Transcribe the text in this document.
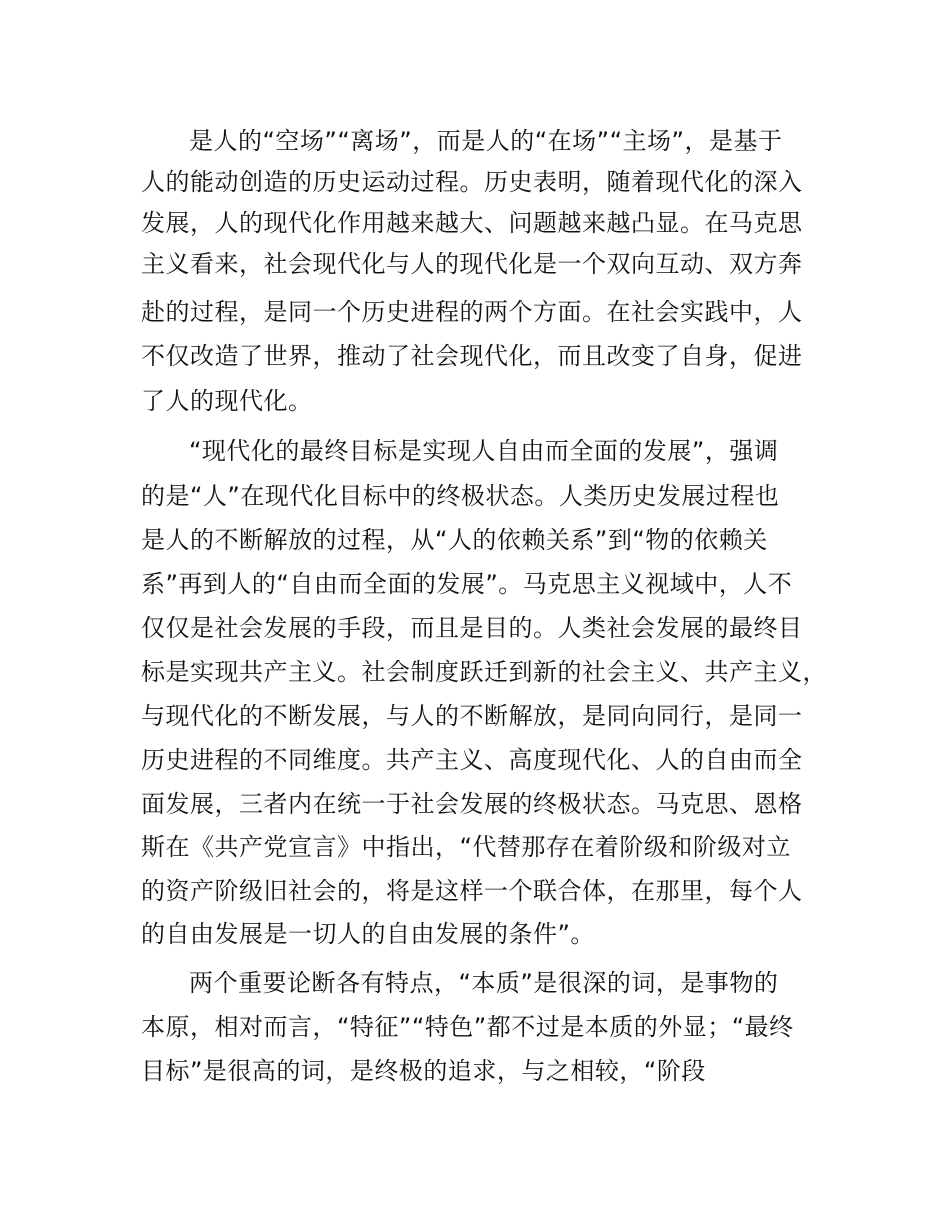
是人的“空场”“离场”，而是人的“在场”“主场”，是基于
人的能动创造的历史运动过程。历史表明，随着现代化的深入
发展，人的现代化作用越来越大、问题越来越凸显。在马克思
主义看来，社会现代化与人的现代化是一个双向互动、双方奔
赴的过程，是同一个历史进程的两个方面。在社会实践中，人
不仅改造了世界，推动了社会现代化，而且改变了自身，促进
了人的现代化。
“现代化的最终目标是实现人自由而全面的发展”，强调
的是“人”在现代化目标中的终极状态。人类历史发展过程也
是人的不断解放的过程，从“人的依赖关系”到“物的依赖关
系”再到人的“自由而全面的发展”。马克思主义视域中，人不
仅仅是社会发展的手段，而且是目的。人类社会发展的最终目
标是实现共产主义。社会制度跃迁到新的社会主义、共产主义，
与现代化的不断发展，与人的不断解放，是同向同行，是同一
历史进程的不同维度。共产主义、高度现代化、人的自由而全
面发展，三者内在统一于社会发展的终极状态。马克思、恩格
斯在《共产党宣言》中指出，“代替那存在着阶级和阶级对立
的资产阶级旧社会的，将是这样一个联合体，在那里，每个人
的自由发展是一切人的自由发展的条件”。
两个重要论断各有特点，“本质”是很深的词，是事物的
本原，相对而言，“特征”“特色”都不过是本质的外显；“最终
目标”是很高的词，是终极的追求，与之相较，“阶段
